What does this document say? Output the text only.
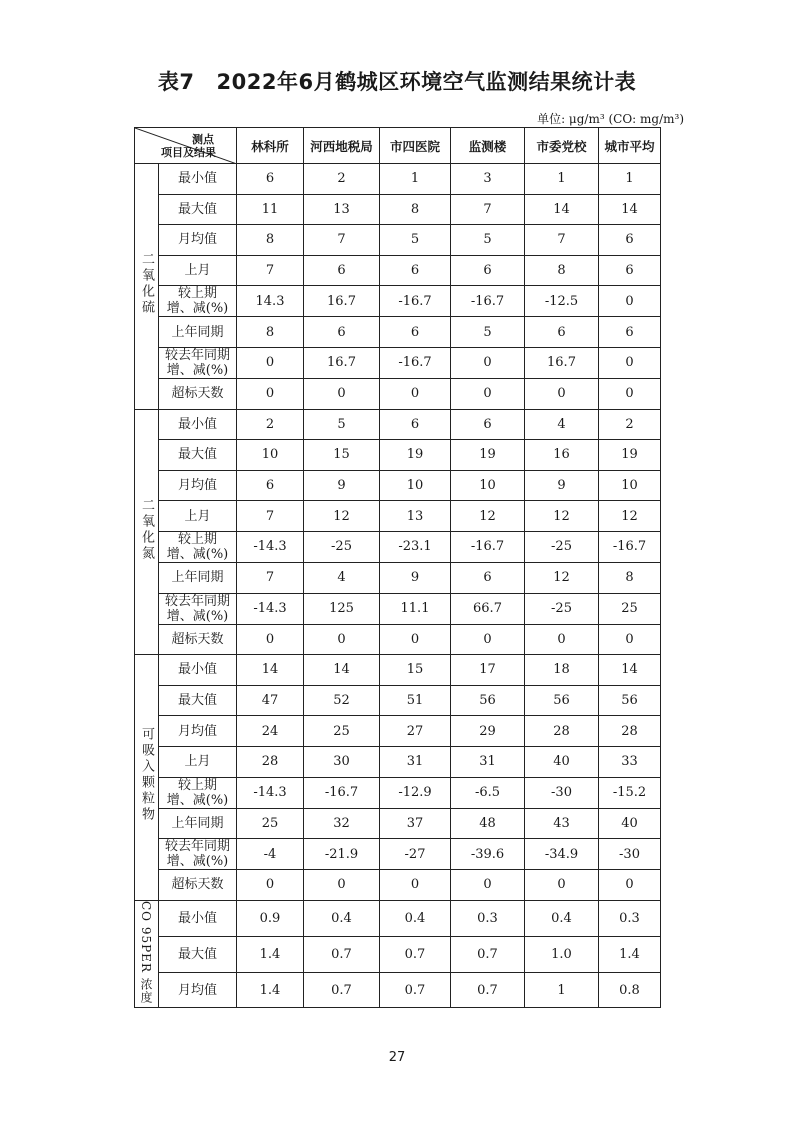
表7 2022年6月鹤城区环境空气监测结果统计表
单位: μg/m³ (CO: mg/m³)
测点
项目及结果		林科所	河西地税局	市四医院	监测楼	市委党校	城市平均
二氧化硫	最小值	6	2	1	3	1	1
	最大值	11	13	8	7	14	14
	月均值	8	7	5	5	7	6
	上月	7	6	6	6	8	6
	较上期
增、减(%)	14.3	16.7	-16.7	-16.7	-12.5	0
	上年同期	8	6	6	5	6	6
	较去年同期
增、减(%)	0	16.7	-16.7	0	16.7	0
	超标天数	0	0	0	0	0	0
二氧化氮	最小值	2	5	6	6	4	2
	最大值	10	15	19	19	16	19
	月均值	6	9	10	10	9	10
	上月	7	12	13	12	12	12
	较上期
增、减(%)	-14.3	-25	-23.1	-16.7	-25	-16.7
	上年同期	7	4	9	6	12	8
	较去年同期
增、减(%)	-14.3	125	11.1	66.7	-25	25
	超标天数	0	0	0	0	0	0
可吸入颗粒物	最小值	14	14	15	17	18	14
	最大值	47	52	51	56	56	56
	月均值	24	25	27	29	28	28
	上月	28	30	31	31	40	33
	较上期
增、减(%)	-14.3	-16.7	-12.9	-6.5	-30	-15.2
	上年同期	25	32	37	48	43	40
	较去年同期
增、减(%)	-4	-21.9	-27	-39.6	-34.9	-30
	超标天数	0	0	0	0	0	0
CO 95PER 浓度	最小值	0.9	0.4	0.4	0.3	0.4	0.3
	最大值	1.4	0.7	0.7	0.7	1.0	1.4
	月均值	1.4	0.7	0.7	0.7	1	0.8
27
